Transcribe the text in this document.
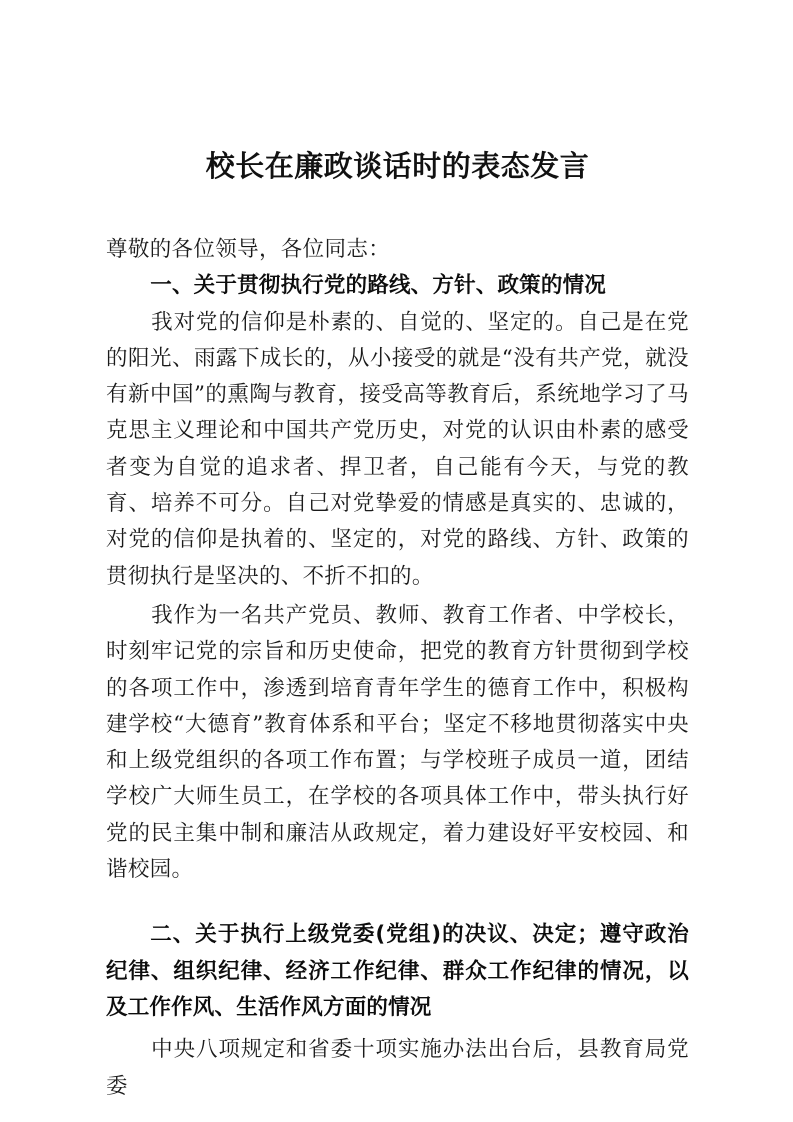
校长在廉政谈话时的表态发言

尊敬的各位领导，各位同志：

一、关于贯彻执行党的路线、方针、政策的情况

我对党的信仰是朴素的、自觉的、坚定的。自己是在党的阳光、雨露下成长的，从小接受的就是“没有共产党，就没有新中国”的熏陶与教育，接受高等教育后，系统地学习了马克思主义理论和中国共产党历史，对党的认识由朴素的感受者变为自觉的追求者、捍卫者，自己能有今天，与党的教育、培养不可分。自己对党挚爱的情感是真实的、忠诚的，对党的信仰是执着的、坚定的，对党的路线、方针、政策的贯彻执行是坚决的、不折不扣的。

我作为一名共产党员、教师、教育工作者、中学校长，时刻牢记党的宗旨和历史使命，把党的教育方针贯彻到学校的各项工作中，渗透到培育青年学生的德育工作中，积极构建学校“大德育”教育体系和平台；坚定不移地贯彻落实中央和上级党组织的各项工作布置；与学校班子成员一道，团结学校广大师生员工，在学校的各项具体工作中，带头执行好党的民主集中制和廉洁从政规定，着力建设好平安校园、和谐校园。

二、关于执行上级党委(党组)的决议、决定；遵守政治纪律、组织纪律、经济工作纪律、群众工作纪律的情况，以及工作作风、生活作风方面的情况

中央八项规定和省委十项实施办法出台后，县教育局党委
